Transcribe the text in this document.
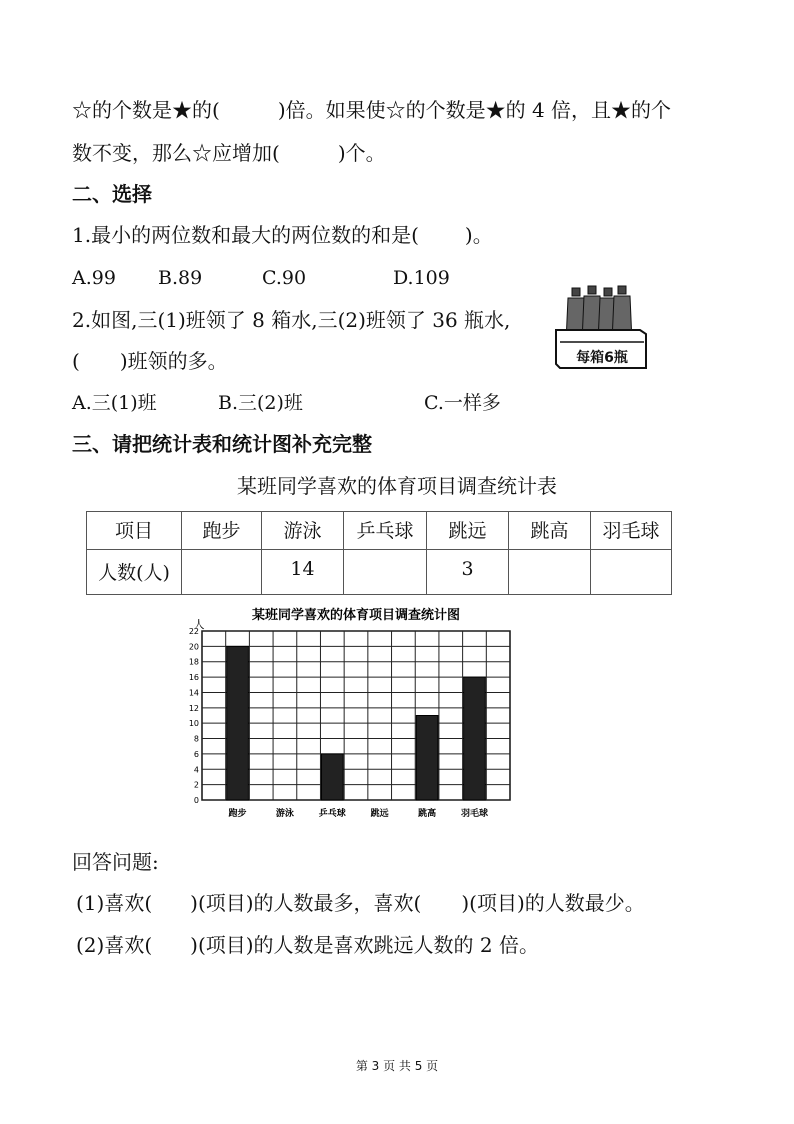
☆的个数是★的(	)倍。如果使☆的个数是★的 4 倍，且★的个
数不变，那么☆应增加(	)个。
二、选择
1.最小的两位数和最大的两位数的和是( )。
A.99 B.89	C.90	D.109
2.如图,三(1)班领了 8 箱水,三(2)班领了 36 瓶水,
( )班领的多。	每箱6瓶
A.三(1)班	B.三(2)班	C.一样多
三、请把统计表和统计图补充完整
某班同学喜欢的体育项目调查统计表
项目	跑步	游泳	乒乓球	跳远	跳高	羽毛球
人数(人)		14		3		
某班同学喜欢的体育项目调查统计图
人
0
2
4
6
8
10
12
14
16
18
20
22
跑步	游泳	乒乓球	跳远	跳高	羽毛球
回答问题:
(1)喜欢( )(项目)的人数最多，喜欢( )(项目)的人数最少。
(2)喜欢( )(项目)的人数是喜欢跳远人数的 2 倍。
第 3 页 共 5 页
